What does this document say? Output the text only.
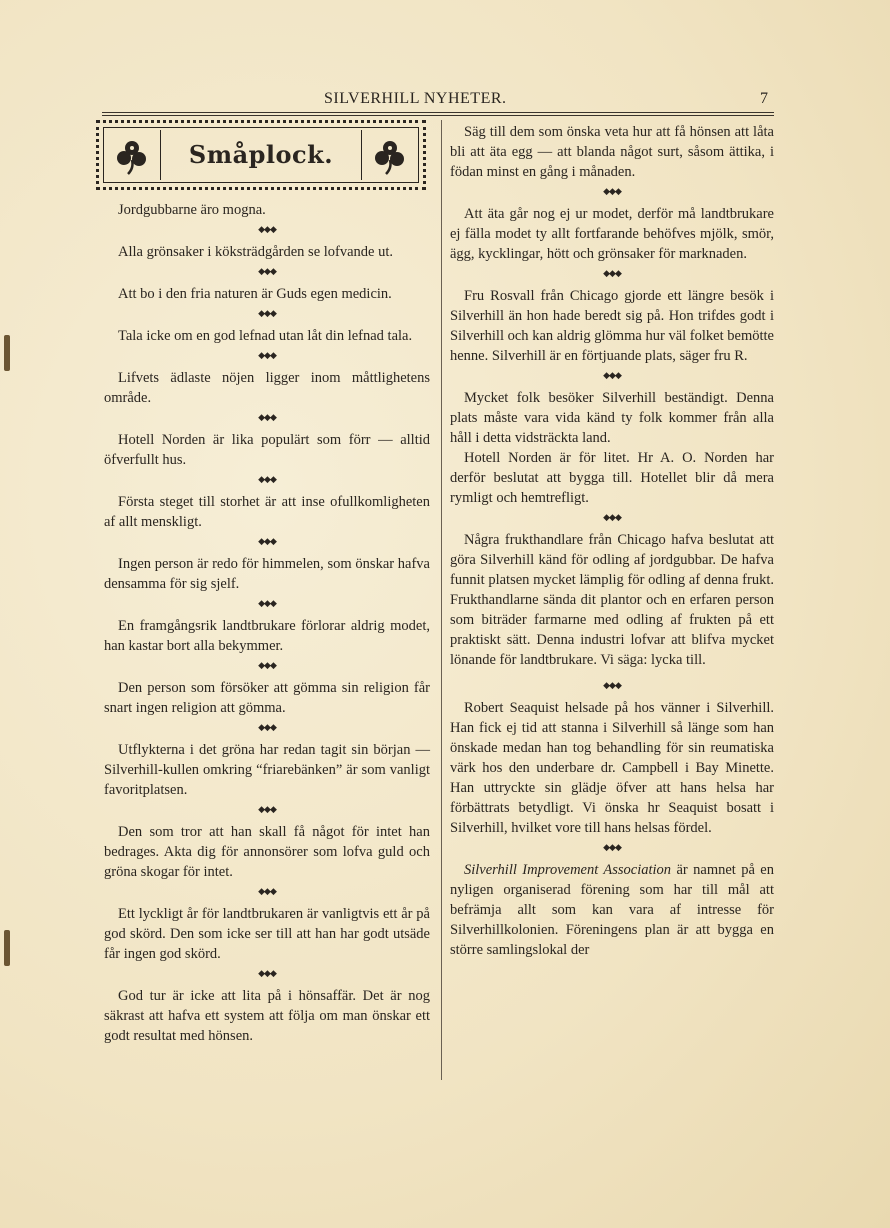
SILVERHILL NYHETER.	7
Småplock.

Jordgubbarne äro mogna.

◆◆◆

Alla grönsaker i köksträdgården se lofvande ut.

◆◆◆

Att bo i den fria naturen är Guds egen medicin.

◆◆◆

Tala icke om en god lefnad utan låt din lefnad tala.

◆◆◆

Lifvets ädlaste nöjen ligger inom måttlighetens område.

◆◆◆

Hotell Norden är lika populärt som förr — alltid öfverfullt hus.

◆◆◆

Första steget till storhet är att inse ofullkomligheten af allt menskligt.

◆◆◆

Ingen person är redo för himmelen, som önskar hafva densamma för sig sjelf.

◆◆◆

En framgångsrik landtbrukare förlorar aldrig modet, han kastar bort alla bekymmer.

◆◆◆

Den person som försöker att gömma sin religion får snart ingen religion att gömma.

◆◆◆

Utflykterna i det gröna har redan tagit sin början — Silverhill-kullen omkring “friarebänken” är som vanligt favoritplatsen.

◆◆◆

Den som tror att han skall få något för intet han bedrages. Akta dig för annonsörer som lofva guld och gröna skogar för intet.

◆◆◆

Ett lyckligt år för landtbrukaren är vanligtvis ett år på god skörd. Den som icke ser till att han har godt utsäde får ingen god skörd.

◆◆◆

God tur är icke att lita på i hönsaffär. Det är nog säkrast att hafva ett system att följa om man önskar ett godt resultat med hönsen.

Säg till dem som önska veta hur att få hönsen att låta bli att äta egg — att blanda något surt, såsom ättika, i födan minst en gång i månaden.

◆◆◆

Att äta går nog ej ur modet, derför må landtbrukare ej fälla modet ty allt fortfarande behöfves mjölk, smör, ägg, kycklingar, hött och grönsaker för marknaden.

◆◆◆

Fru Rosvall från Chicago gjorde ett längre besök i Silverhill än hon hade beredt sig på. Hon trifdes godt i Silverhill och kan aldrig glömma hur väl folket bemötte henne. Silverhill är en förtjuande plats, säger fru R.

◆◆◆

Mycket folk besöker Silverhill beständigt. Denna plats måste vara vida känd ty folk kommer från alla håll i detta vidsträckta land.

Hotell Norden är för litet. Hr A. O. Norden har derför beslutat att bygga till. Hotellet blir då mera rymligt och hemtrefligt.

◆◆◆

Några frukthandlare från Chicago hafva beslutat att göra Silverhill känd för odling af jordgubbar. De hafva funnit platsen mycket lämplig för odling af denna frukt. Frukthandlarne sända dit plantor och en erfaren person som biträder farmarne med odling af frukten på ett praktiskt sätt. Denna industri lofvar att blifva mycket lönande för landtbrukare. Vi säga: lycka till.

◆◆◆

Robert Seaquist helsade på hos vänner i Silverhill. Han fick ej tid att stanna i Silverhill så länge som han önskade medan han tog behandling för sin reumatiska värk hos den underbare dr. Campbell i Bay Minette. Han uttryckte sin glädje öfver att hans helsa har förbättrats betydligt. Vi önska hr Seaquist bosatt i Silverhill, hvilket vore till hans helsas fördel.

◆◆◆

Silverhill Improvement Association är namnet på en nyligen organiserad förening som har till mål att befrämja allt som kan vara af intresse för Silverhillkolonien. Föreningens plan är att bygga en större samlingslokal der
